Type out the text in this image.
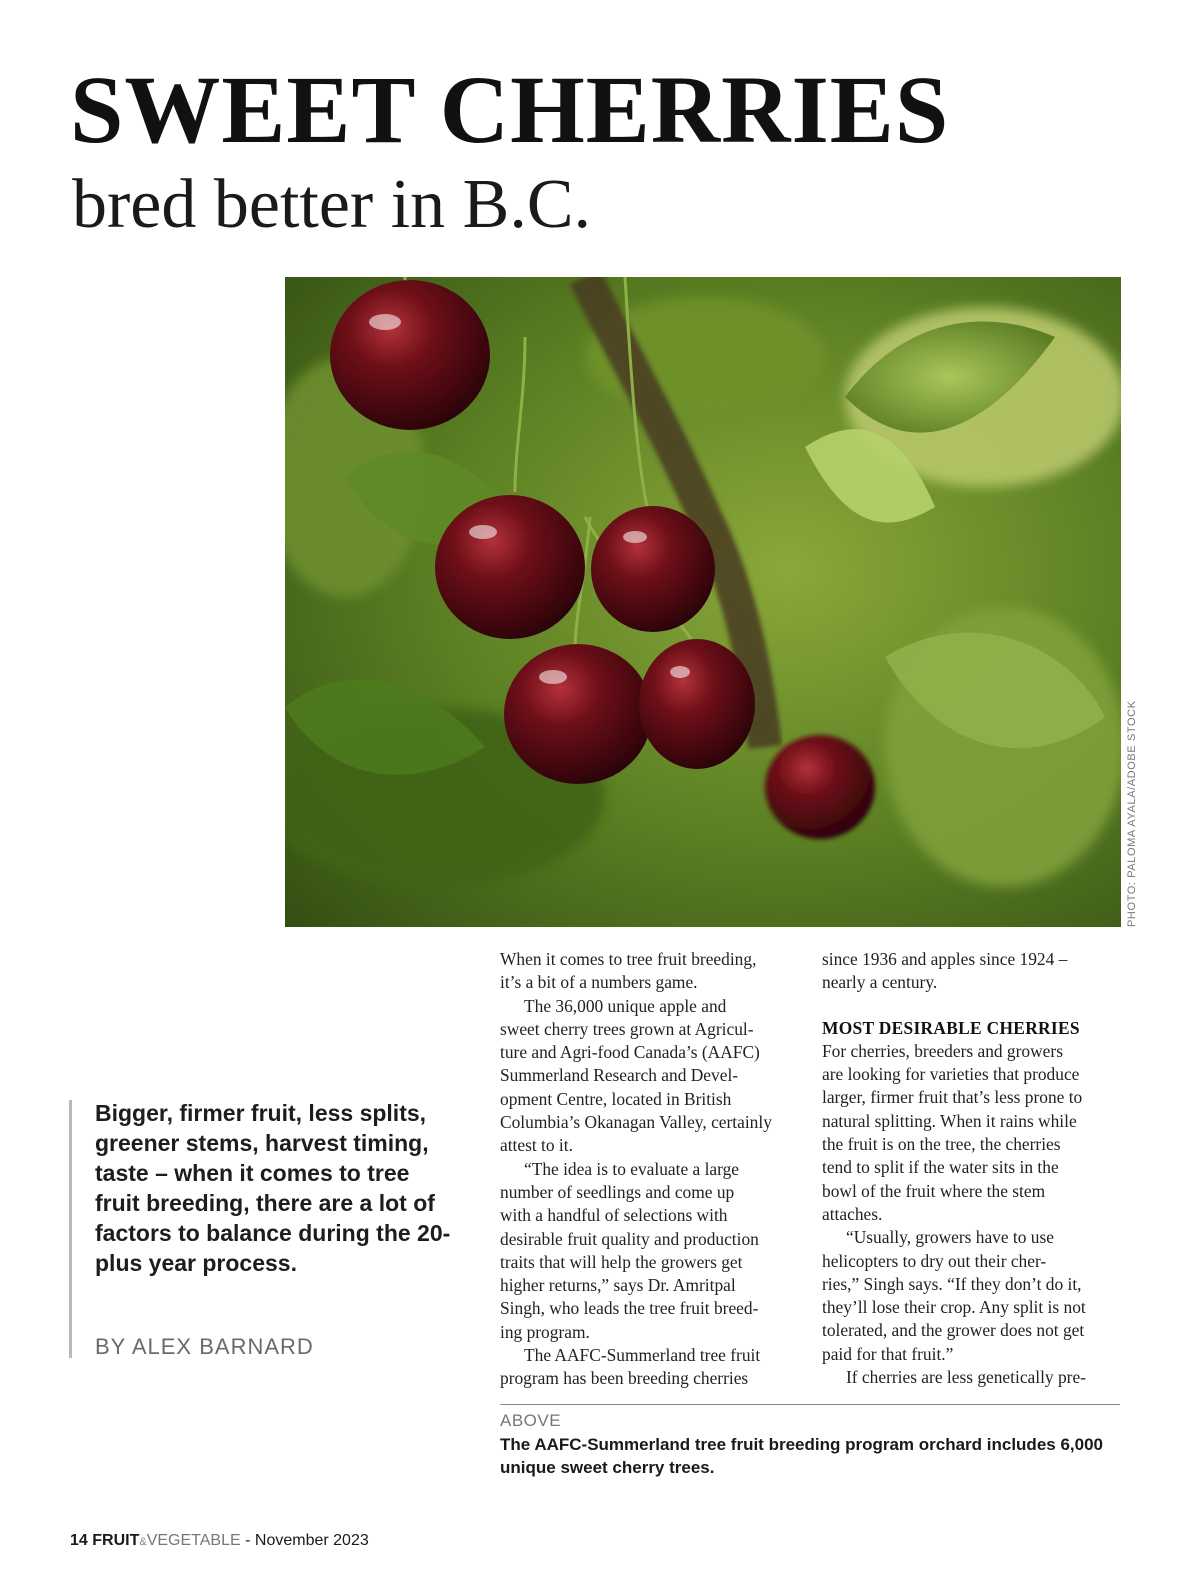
SWEET CHERRIES
bred better in B.C.
PHOTO: PALOMA AYALA/ADOBE STOCK

Bigger, firmer fruit, less splits, greener stems, harvest timing, taste – when it comes to tree fruit breeding, there are a lot of factors to balance during the 20-plus year process.

BY ALEX BARNARD

When it comes to tree fruit breeding,

it’s a bit of a numbers game.

The 36,000 unique apple and

sweet cherry trees grown at Agricul-

ture and Agri-food Canada’s (AAFC)

Summerland Research and Devel-

opment Centre, located in British

Columbia’s Okanagan Valley, certainly

attest to it.

“The idea is to evaluate a large

number of seedlings and come up

with a handful of selections with

desirable fruit quality and production

traits that will help the growers get

higher returns,” says Dr. Amritpal

Singh, who leads the tree fruit breed-

ing program.

The AAFC-Summerland tree fruit

program has been breeding cherries

since 1936 and apples since 1924 –

nearly a century.

MOST DESIRABLE CHERRIES

For cherries, breeders and growers

are looking for varieties that produce

larger, firmer fruit that’s less prone to

natural splitting. When it rains while

the fruit is on the tree, the cherries

tend to split if the water sits in the

bowl of the fruit where the stem

attaches.

“Usually, growers have to use

helicopters to dry out their cher-

ries,” Singh says. “If they don’t do it,

they’ll lose their crop. Any split is not

tolerated, and the grower does not get

paid for that fruit.”

If cherries are less genetically pre-

ABOVE

The AAFC-Summerland tree fruit breeding program orchard includes 6,000 unique sweet cherry trees.

14 FRUIT&VEGETABLE - November 2023
